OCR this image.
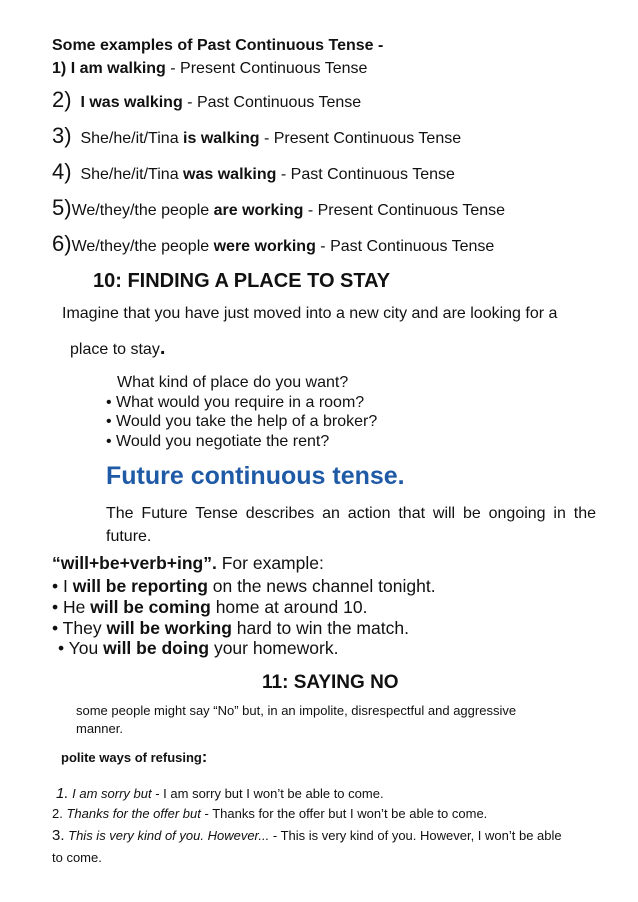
Some examples of Past Continuous Tense -
1) I am walking - Present Continuous Tense
2) I was walking - Past Continuous Tense
3) She/he/it/Tina is walking - Present Continuous Tense
4) She/he/it/Tina was walking - Past Continuous Tense
5)We/they/the people are working - Present Continuous Tense
6)We/they/the people were working - Past Continuous Tense
10: FINDING A PLACE TO STAY
Imagine that you have just moved into a new city and are looking for a
place to stay.
What kind of place do you want?
• What would you require in a room?
• Would you take the help of a broker?
• Would you negotiate the rent?
Future continuous tense.
The Future Tense describes an action that will be ongoing in the future.
“will+be+verb+ing”. For example:
• I will be reporting on the news channel tonight.
• He will be coming home at around 10.
• They will be working hard to win the match.
• You will be doing your homework.
11: SAYING NO
some people might say “No” but, in an impolite, disrespectful and aggressive manner.
polite ways of refusing:
1. I am sorry but - I am sorry but I won’t be able to come.
2. Thanks for the offer but - Thanks for the offer but I won’t be able to come.
3. This is very kind of you. However... - This is very kind of you. However, I won’t be able
to come.
